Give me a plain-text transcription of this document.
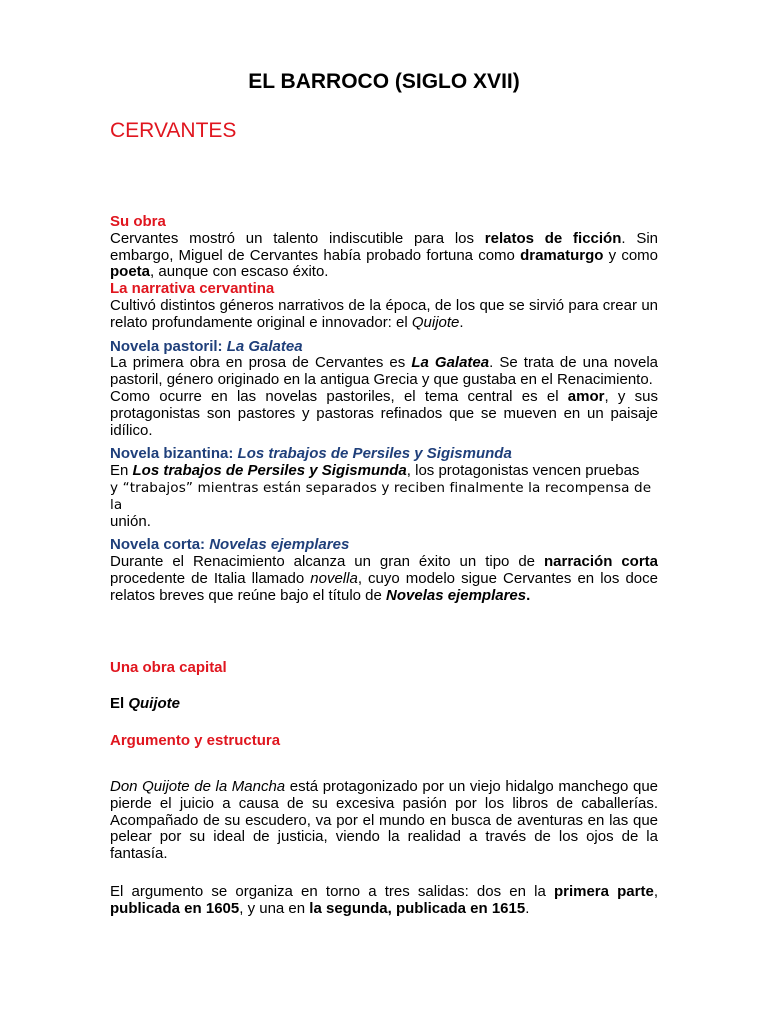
EL BARROCO (SIGLO XVII)
CERVANTES
Su obra

Cervantes mostró un talento indiscutible para los relatos de ficción. Sin embargo, Miguel de Cervantes había probado fortuna como dramaturgo y como poeta, aunque con escaso éxito.

La narrativa cervantina

Cultivó distintos géneros narrativos de la época, de los que se sirvió para crear un relato profundamente original e innovador: el Quijote.

Novela pastoril: La Galatea

La primera obra en prosa de Cervantes es La Galatea. Se trata de una novela pastoril, género originado en la antigua Grecia y que gustaba en el Renacimiento.

Como ocurre en las novelas pastoriles, el tema central es el amor, y sus protagonistas son pastores y pastoras refinados que se mueven en un paisaje idílico.

Novela bizantina: Los trabajos de Persiles y Sigismunda

En Los trabajos de Persiles y Sigismunda, los protagonistas vencen pruebas

y “trabajos” mientras están separados y reciben finalmente la recompensa de la
unión.
Novela corta: Novelas ejemplares

Durante el Renacimiento alcanza un gran éxito un tipo de narración corta procedente de Italia llamado novella, cuyo modelo sigue Cervantes en los doce relatos breves que reúne bajo el título de Novelas ejemplares.

Una obra capital
El Quijote
Argumento y estructura

Don Quijote de la Mancha está protagonizado por un viejo hidalgo manchego que pierde el juicio a causa de su excesiva pasión por los libros de caballerías. Acompañado de su escudero, va por el mundo en busca de aventuras en las que pelear por su ideal de justicia, viendo la realidad a través de los ojos de la fantasía.

El argumento se organiza en torno a tres salidas: dos en la primera parte, publicada en 1605, y una en la segunda, publicada en 1615.
